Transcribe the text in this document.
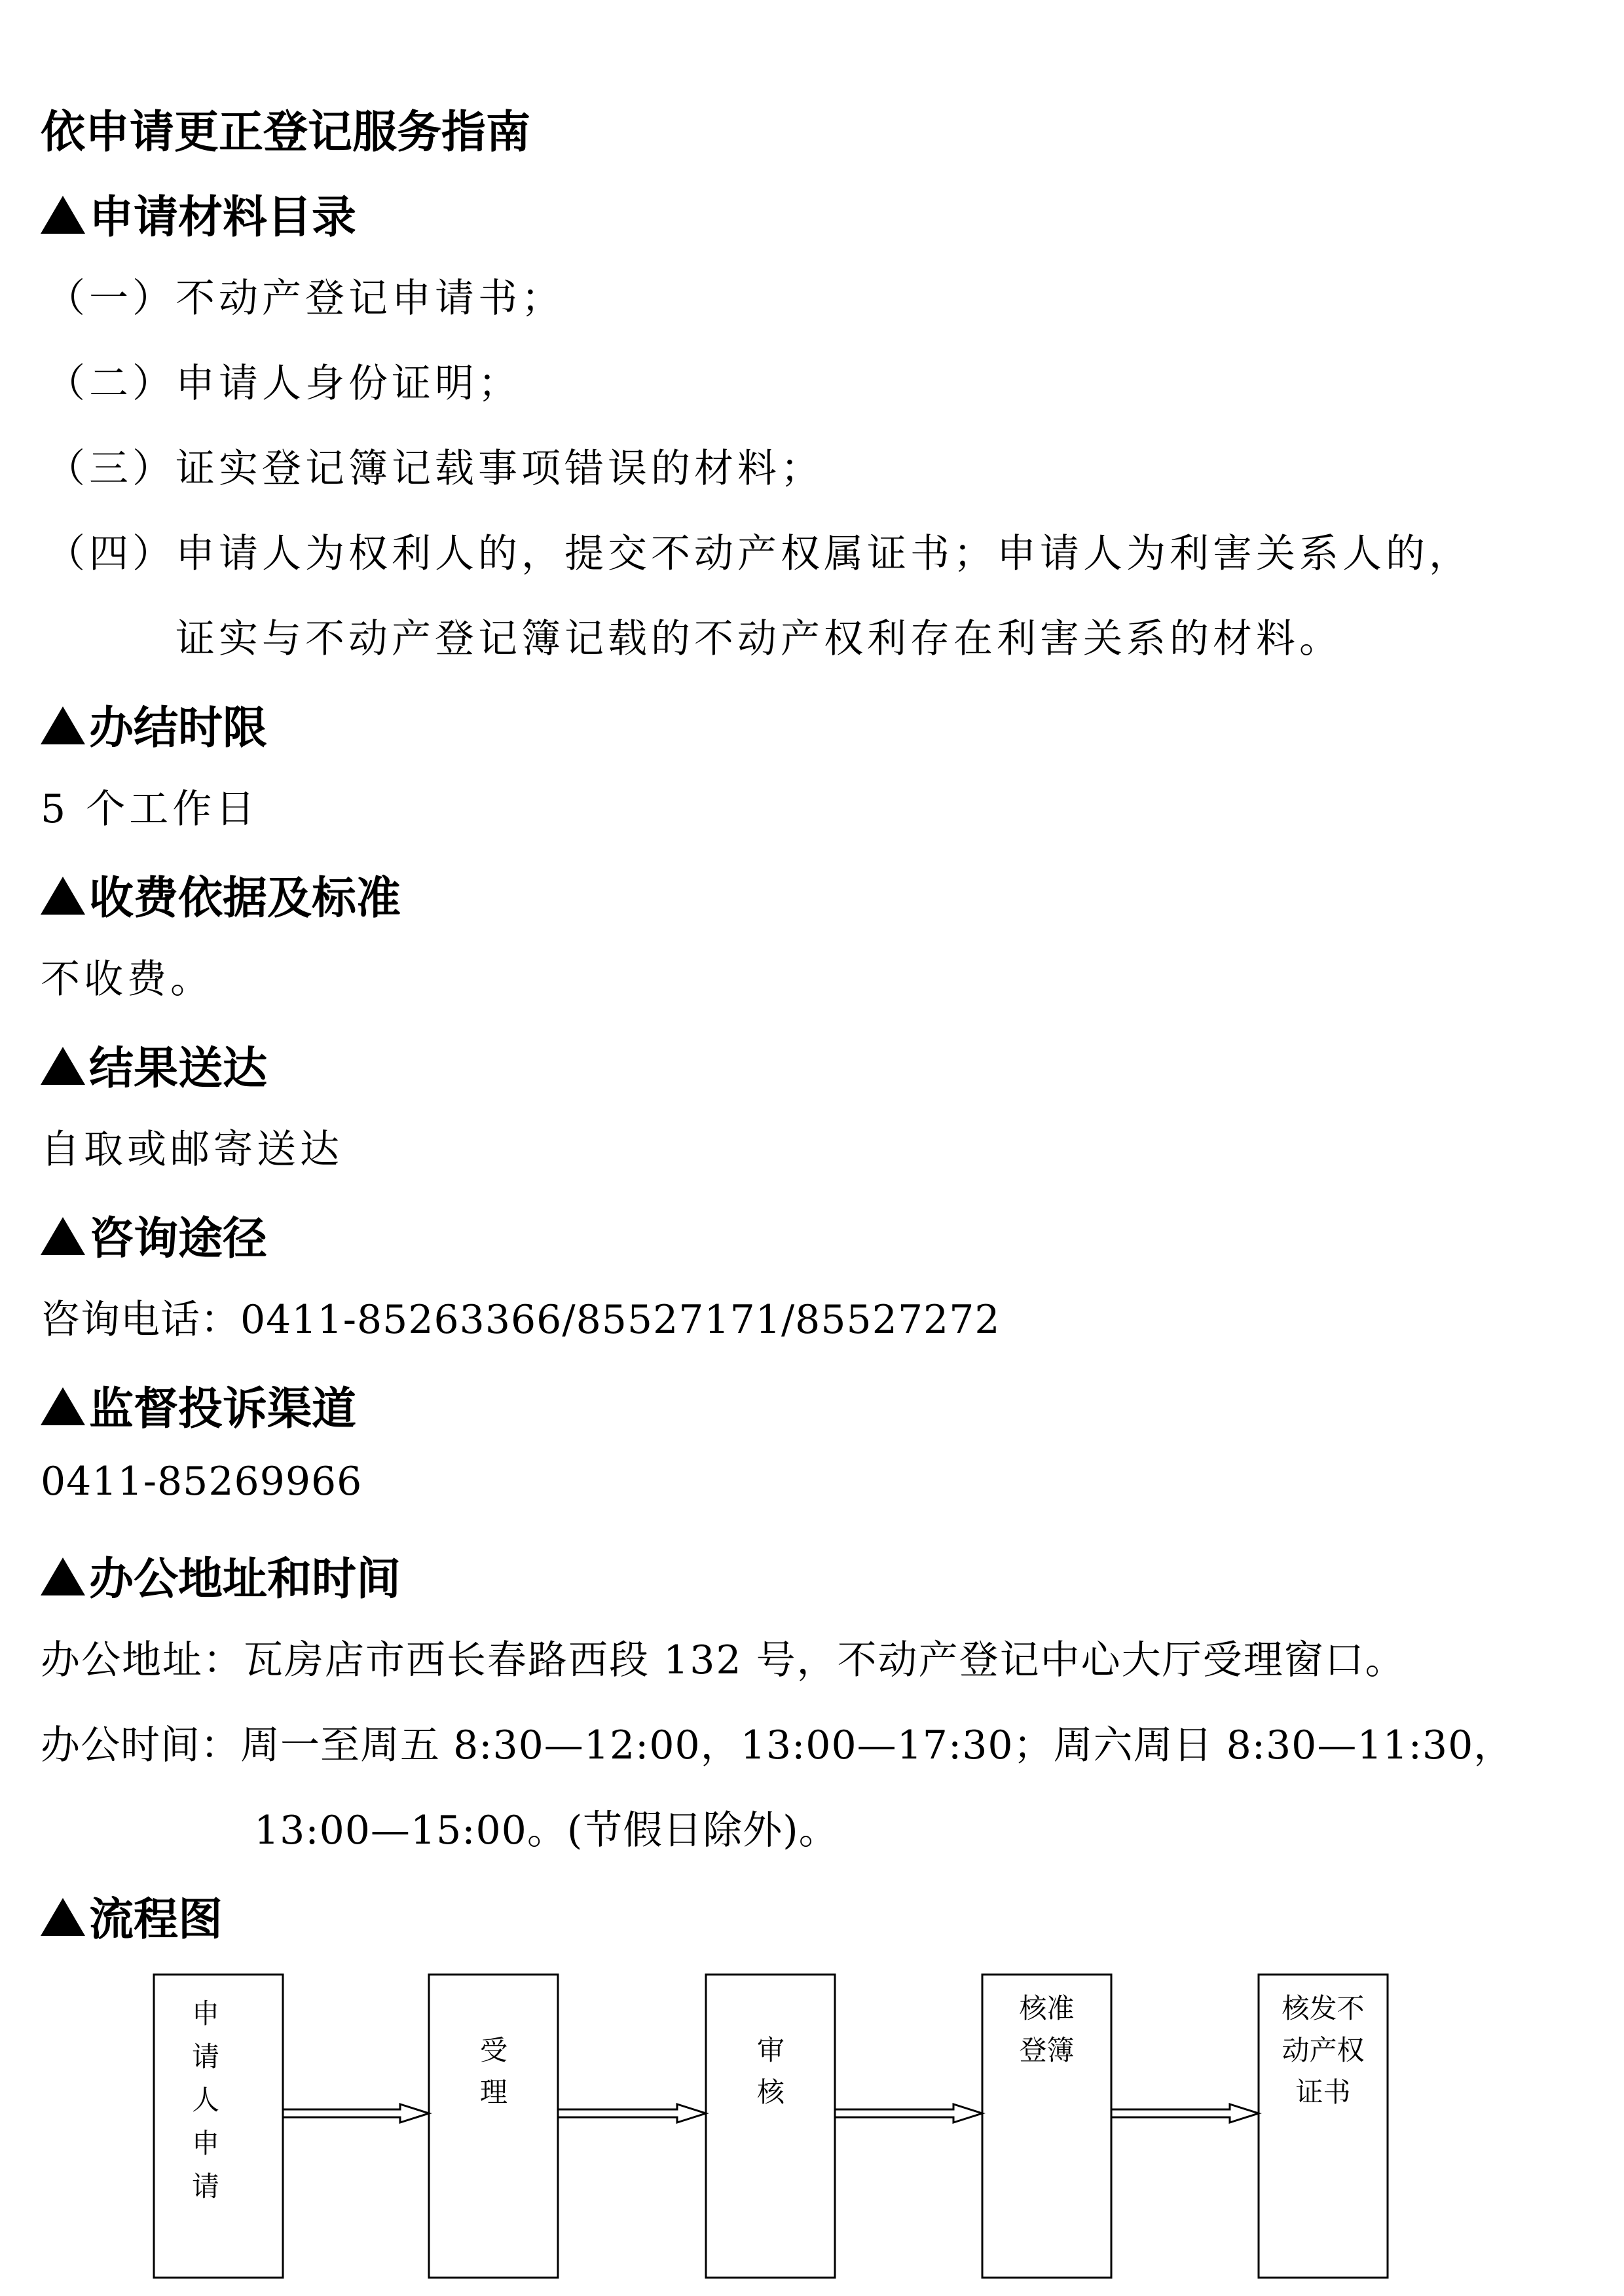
依申请更正登记服务指南
申请材料目录
（一）不动产登记申请书；
（二）申请人身份证明；
（三）证实登记簿记载事项错误的材料；
（四）申请人为权利人的，提交不动产权属证书；申请人为利害关系人的，
证实与不动产登记簿记载的不动产权利存在利害关系的材料。
办结时限
5 个工作日
收费依据及标准
不收费。
结果送达
自取或邮寄送达
咨询途径
咨询电话：0411-85263366/85527171/85527272
监督投诉渠道
0411-85269966
办公地址和时间
办公地址：瓦房店市西长春路西段 132 号，不动产登记中心大厅受理窗口。
办公时间：周一至周五 8:30—12:00，13:00—17:30；周六周日 8:30—11:30，
13:00—15:00。(节假日除外)。
流程图
申
请
人
申
请
受
理
审
核
核准
登簿
核发不
动产权
证书
